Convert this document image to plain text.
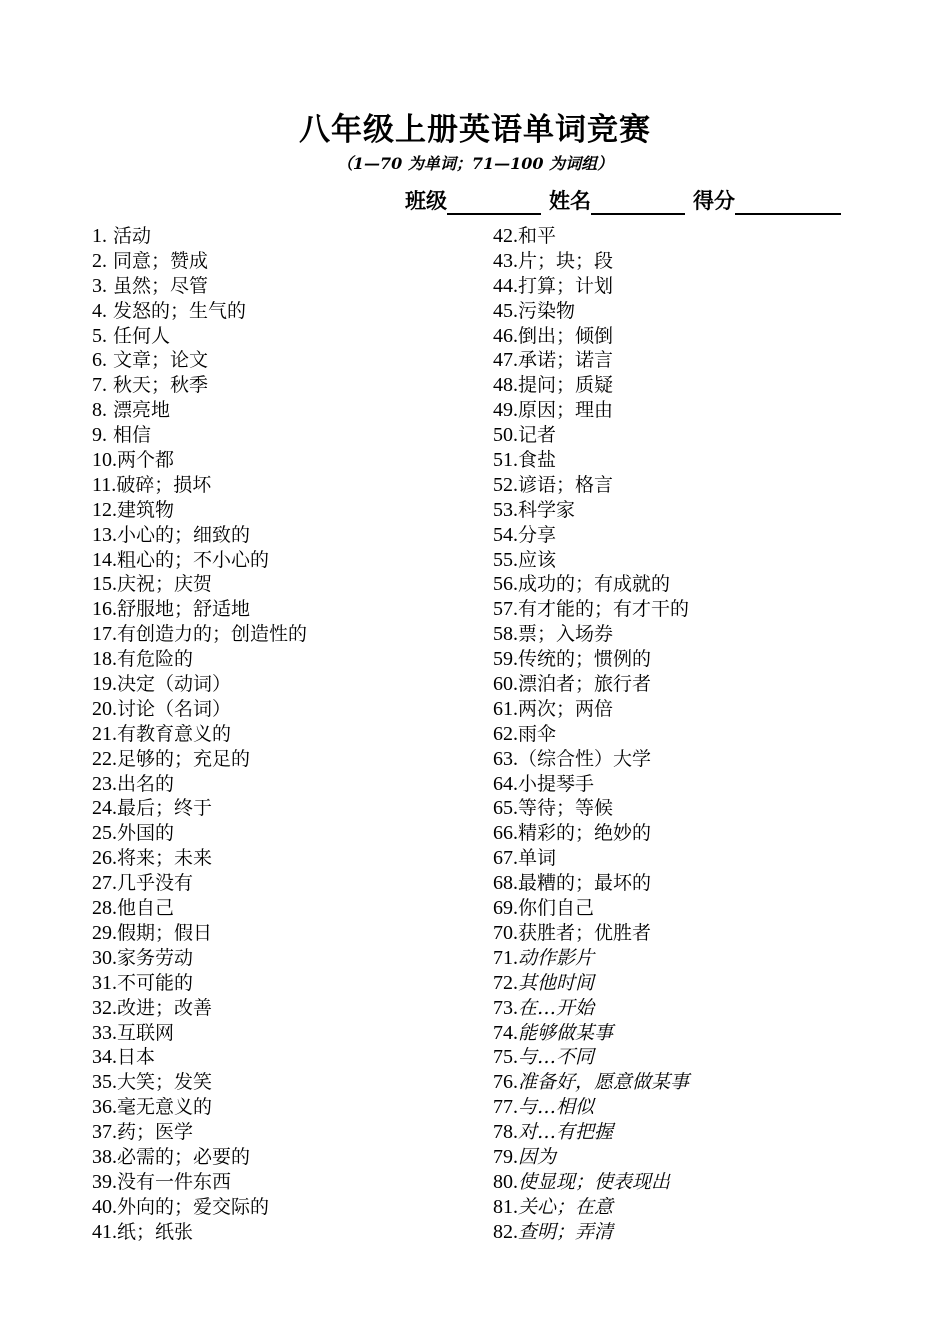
八年级上册英语单词竞赛
（1—70 为单词；71—100 为词组）
班级	姓名	得分
1. 活动
2. 同意；赞成
3. 虽然；尽管
4. 发怒的；生气的
5. 任何人
6. 文章；论文
7. 秋天；秋季
8. 漂亮地
9. 相信
10.两个都
11.破碎；损坏
12.建筑物
13.小心的；细致的
14.粗心的；不小心的
15.庆祝；庆贺
16.舒服地；舒适地
17.有创造力的；创造性的
18.有危险的
19.决定（动词）
20.讨论（名词）
21.有教育意义的
22.足够的；充足的
23.出名的
24.最后；终于
25.外国的
26.将来；未来
27.几乎没有
28.他自己
29.假期；假日
30.家务劳动
31.不可能的
32.改进；改善
33.互联网
34.日本
35.大笑；发笑
36.毫无意义的
37.药；医学
38.必需的；必要的
39.没有一件东西
40.外向的；爱交际的
41.纸；纸张
42.和平
43.片；块；段
44.打算；计划
45.污染物
46.倒出；倾倒
47.承诺；诺言
48.提问；质疑
49.原因；理由
50.记者
51.食盐
52.谚语；格言
53.科学家
54.分享
55.应该
56.成功的；有成就的
57.有才能的；有才干的
58.票；入场券
59.传统的；惯例的
60.漂泊者；旅行者
61.两次；两倍
62.雨伞
63.（综合性）大学
64.小提琴手
65.等待；等候
66.精彩的；绝妙的
67.单词
68.最糟的；最坏的
69.你们自己
70.获胜者；优胜者
71.动作影片
72.其他时间
73.在…开始
74.能够做某事
75.与…不同
76.准备好，愿意做某事
77.与…相似
78.对…有把握
79.因为
80.使显现；使表现出
81.关心；在意
82.查明；弄清
